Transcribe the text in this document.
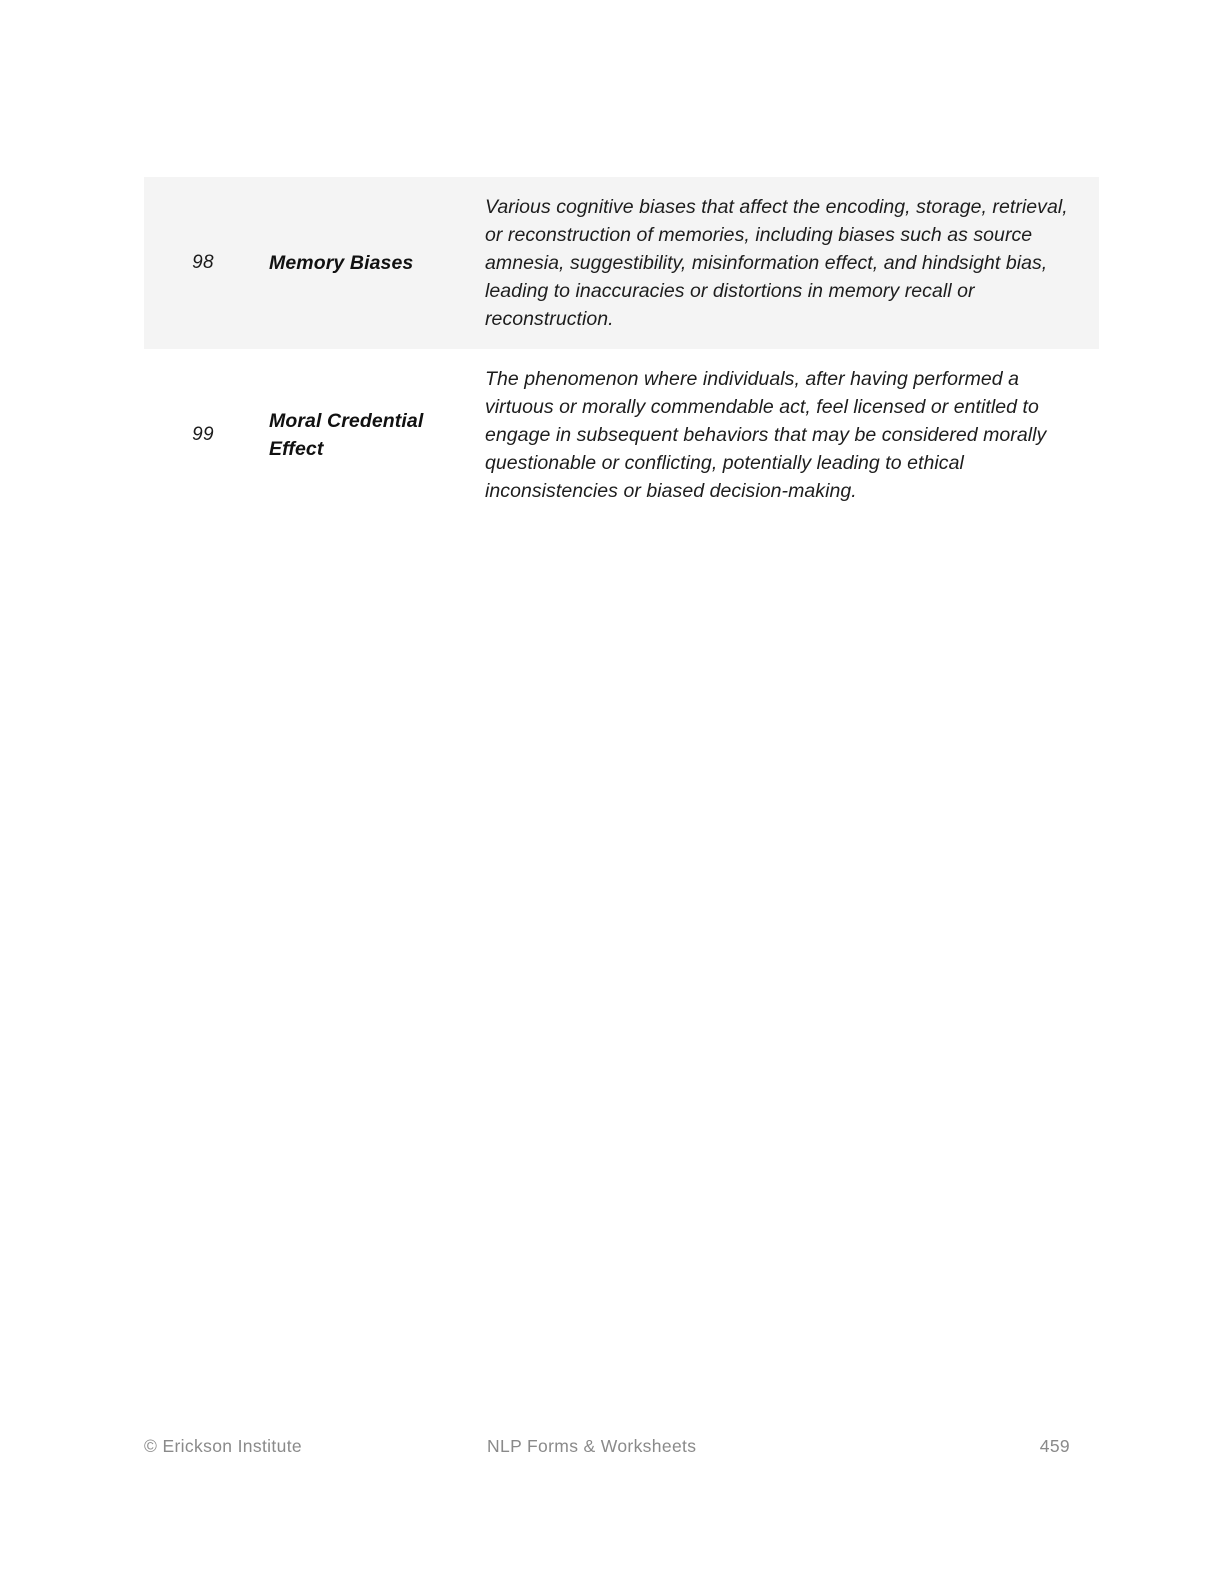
98	Memory Biases	Various cognitive biases that affect the encoding, storage, retrieval, or reconstruction of memories, including biases such as source amnesia, suggestibility, misinformation effect, and hindsight bias, leading to inaccuracies or distortions in memory recall or reconstruction.

99	Moral Credential Effect	The phenomenon where individuals, after having performed a virtuous or morally commendable act, feel licensed or entitled to engage in subsequent behaviors that may be considered morally questionable or conflicting, potentially leading to ethical inconsistencies or biased decision-making.
© Erickson Institute	NLP Forms & Worksheets	459
